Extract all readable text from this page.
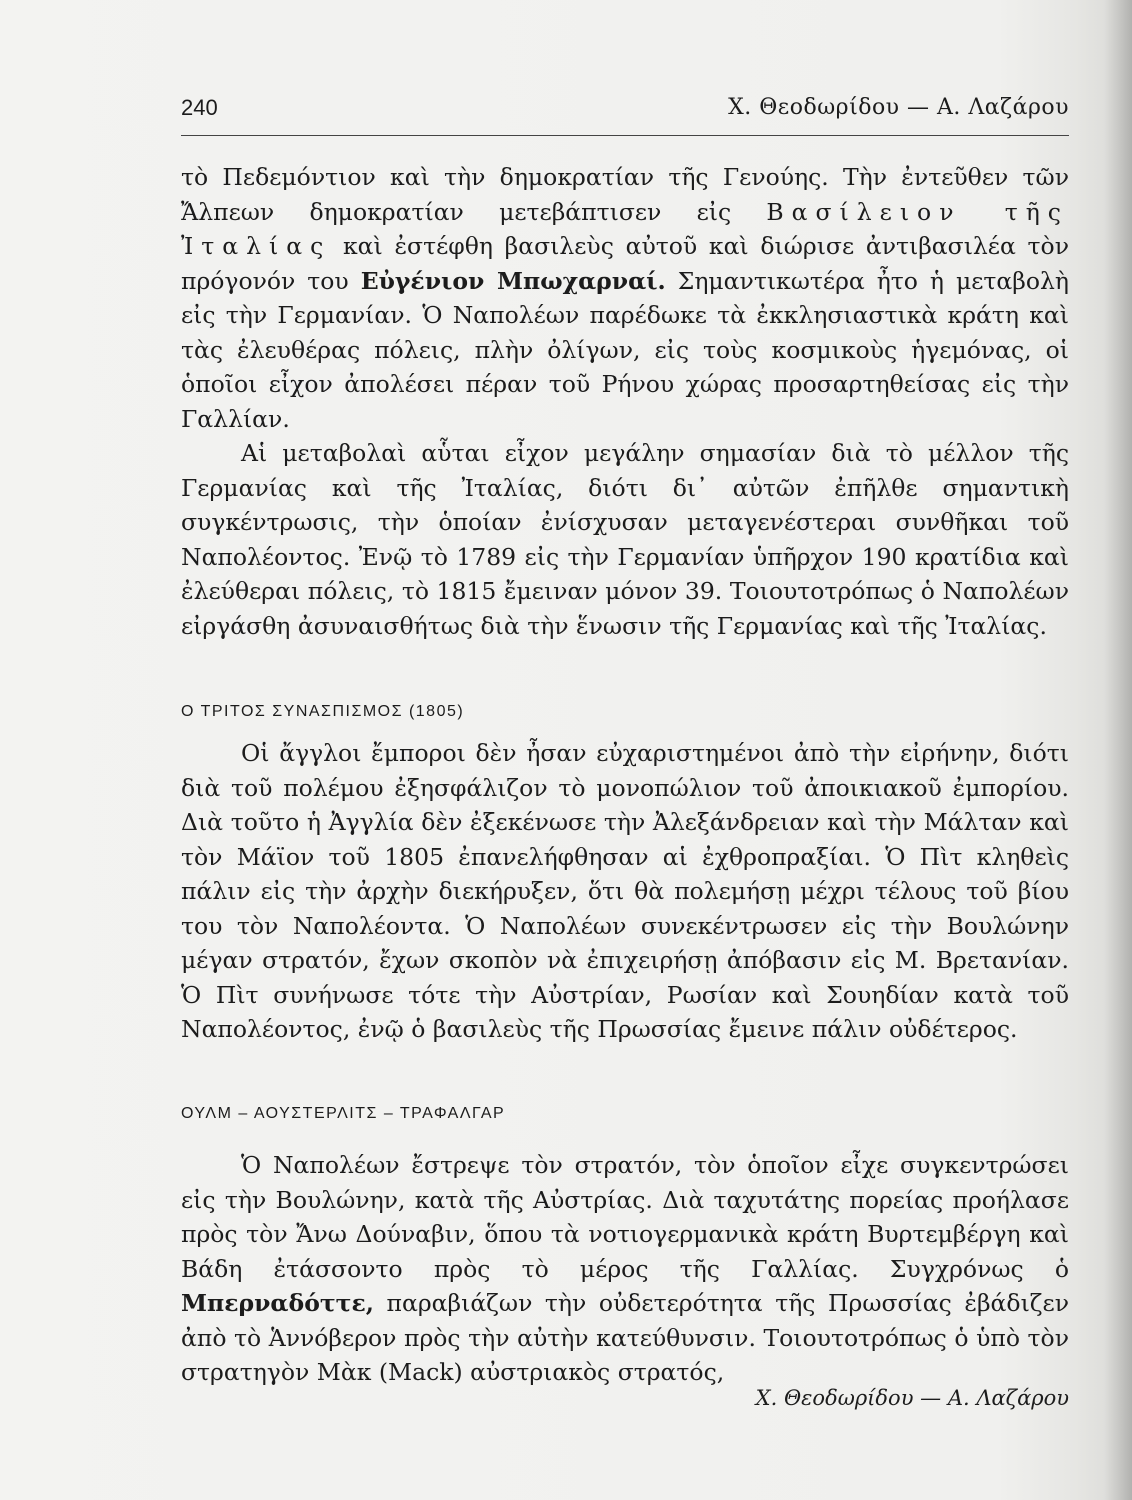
240	Χ. Θεοδωρίδου — Α. Λαζάρου

τὸ Πεδεμόντιον καὶ τὴν δημοκρατίαν τῆς Γενούης. Τὴν ἐντεῦθεν τῶν Ἄλπεων δημοκρατίαν μετεβάπτισεν εἰς Βασίλειον τῆς Ἰταλίας καὶ ἐστέφθη βασιλεὺς αὐτοῦ καὶ διώρισε ἀντιβασιλέα τὸν πρόγονόν του Εὐγένιον Μπωχαρναί. Σημαντικωτέρα ἦτο ἡ μεταβολὴ εἰς τὴν Γερμανίαν. Ὁ Ναπολέων παρέδωκε τὰ ἐκκλησιαστικὰ κράτη καὶ τὰς ἐλευθέρας πόλεις, πλὴν ὀλίγων, εἰς τοὺς κοσμικοὺς ἡγεμόνας, οἱ ὁποῖοι εἶχον ἀπολέσει πέραν τοῦ Ρήνου χώρας προσαρτηθείσας εἰς τὴν Γαλλίαν.

Αἱ μεταβολαὶ αὗται εἶχον μεγάλην σημασίαν διὰ τὸ μέλλον τῆς Γερμανίας καὶ τῆς Ἰταλίας, διότι δι᾿ αὐτῶν ἐπῆλθε σημαντικὴ συγκέντρωσις, τὴν ὁποίαν ἐνίσχυσαν μεταγενέστεραι συνθῆκαι τοῦ Ναπολέοντος. Ἐνῷ τὸ 1789 εἰς τὴν Γερμανίαν ὑπῆρχον 190 κρατίδια καὶ ἐλεύθεραι πόλεις, τὸ 1815 ἔμειναν μόνον 39. Τοιουτοτρόπως ὁ Ναπολέων εἰργάσθη ἀσυναισθήτως διὰ τὴν ἕνωσιν τῆς Γερμανίας καὶ τῆς Ἰταλίας.

Ο ΤΡΙΤΟΣ ΣΥΝΑΣΠΙΣΜΟΣ (1805)

Οἱ ἄγγλοι ἔμποροι δὲν ἦσαν εὐχαριστημένοι ἀπὸ τὴν εἰρήνην, διότι διὰ τοῦ πολέμου ἐξησφάλιζον τὸ μονοπώλιον τοῦ ἀποικιακοῦ ἐμπορίου. Διὰ τοῦτο ἡ Ἀγγλία δὲν ἐξεκένωσε τὴν Ἀλεξάνδρειαν καὶ τὴν Μάλταν καὶ τὸν Μάϊον τοῦ 1805 ἐπανελήφθησαν αἱ ἐχθροπραξίαι. Ὁ Πὶτ κληθεὶς πάλιν εἰς τὴν ἀρχὴν διεκήρυξεν, ὅτι θὰ πολεμήσῃ μέχρι τέλους τοῦ βίου του τὸν Ναπολέοντα. Ὁ Ναπολέων συνεκέντρωσεν εἰς τὴν Βουλώνην μέγαν στρατόν, ἔχων σκοπὸν νὰ ἐπιχειρήσῃ ἀπόβασιν εἰς Μ. Βρετανίαν. Ὁ Πὶτ συνήνωσε τότε τὴν Αὐστρίαν, Ρωσίαν καὶ Σουηδίαν κατὰ τοῦ Ναπολέοντος, ἐνῷ ὁ βασιλεὺς τῆς Πρωσσίας ἔμεινε πάλιν οὐδέτερος.

ΟΥΛΜ – ΑΟΥΣΤΕΡΛΙΤΣ – ΤΡΑΦΑΛΓΑΡ

Ὁ Ναπολέων ἔστρεψε τὸν στρατόν, τὸν ὁποῖον εἶχε συγκεντρώσει εἰς τὴν Βουλώνην, κατὰ τῆς Αὐστρίας. Διὰ ταχυτάτης πορείας προήλασε πρὸς τὸν Ἄνω Δούναβιν, ὅπου τὰ νοτιογερμανικὰ κράτη Βυρτεμβέργη καὶ Βάδη ἐτάσσοντο πρὸς τὸ μέρος τῆς Γαλλίας. Συγχρόνως ὁ Μπερναδόττε, παραβιάζων τὴν οὐδετερότητα τῆς Πρωσσίας ἐβάδιζεν ἀπὸ τὸ Ἁννόβερον πρὸς τὴν αὐτὴν κατεύθυνσιν. Τοιουτοτρόπως ὁ ὑπὸ τὸν στρατηγὸν Μὰκ (Mack) αὐστριακὸς στρατός,

Χ. Θεοδωρίδου — Α. Λαζάρου
